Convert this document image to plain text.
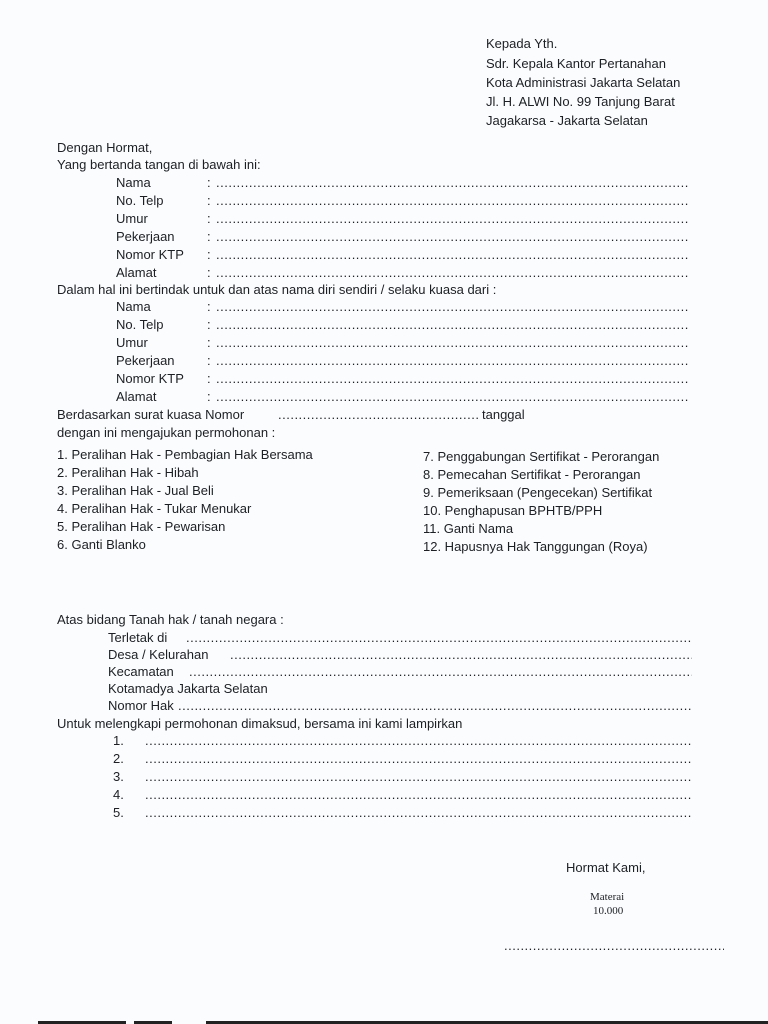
Kepada Yth.
Sdr. Kepala Kantor Pertanahan
Kota Administrasi Jakarta Selatan
Jl. H. ALWI No. 99 Tanjung Barat
Jagakarsa - Jakarta Selatan
Dengan Hormat,
Yang bertanda tangan di bawah ini:
Nama	:
.....
No. Telp	:
.....
Umur	:
.....
Pekerjaan :
.....
Nomor KTP :
.....
Alamat	:
.....
Dalam hal ini bertindak untuk dan atas nama diri sendiri / selaku kuasa dari :
Nama	:
.....
No. Telp	:
.....
Umur	:
.....
Pekerjaan :
.....
Nomor KTP :
.....
Alamat	:
.....
Berdasarkan surat kuasa Nomor
.....	tanggal
dengan ini mengajukan permohonan :
1. Peralihan Hak - Pembagian Hak Bersama
2. Peralihan Hak - Hibah
3. Peralihan Hak - Jual Beli
4. Peralihan Hak - Tukar Menukar
5. Peralihan Hak - Pewarisan
6. Ganti Blanko
7. Penggabungan Sertifikat - Perorangan
8. Pemecahan Sertifikat - Perorangan
9. Pemeriksaan (Pengecekan) Sertifikat
10. Penghapusan BPHTB/PPH
11. Ganti Nama
12. Hapusnya Hak Tanggungan (Roya)
Atas bidang Tanah hak / tanah negara :
Terletak di
.....
Desa / Kelurahan
.....
Kecamatan
.....
Kotamadya Jakarta Selatan
Nomor Hak
.....
Untuk melengkapi permohonan dimaksud, bersama ini kami lampirkan
1.
.....
2.
.....
3.
.....
4.
.....
5.
.....
Hormat Kami,
Materai
10.000
.....
